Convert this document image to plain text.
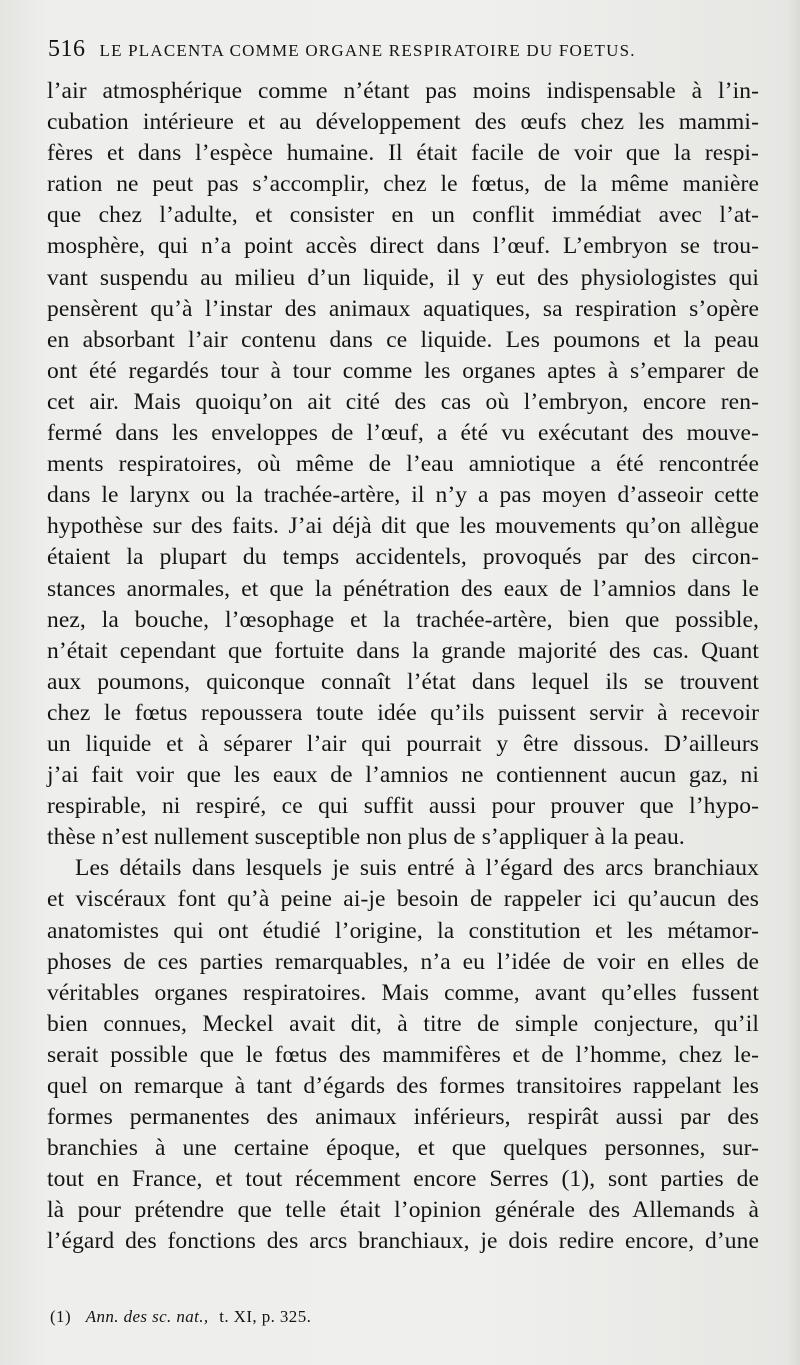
516 LE PLACENTA COMME ORGANE RESPIRATOIRE DU FOETUS.
l’air atmosphérique comme n’étant pas moins indispensable à l’in-
cubation intérieure et au développement des œufs chez les mammi-
fères et dans l’espèce humaine. Il était facile de voir que la respi-
ration ne peut pas s’accomplir, chez le fœtus, de la même manière
que chez l’adulte, et consister en un conflit immédiat avec l’at-
mosphère, qui n’a point accès direct dans l’œuf. L’embryon se trou-
vant suspendu au milieu d’un liquide, il y eut des physiologistes qui
pensèrent qu’à l’instar des animaux aquatiques, sa respiration s’opère
en absorbant l’air contenu dans ce liquide. Les poumons et la peau
ont été regardés tour à tour comme les organes aptes à s’emparer de
cet air. Mais quoiqu’on ait cité des cas où l’embryon, encore ren-
fermé dans les enveloppes de l’œuf, a été vu exécutant des mouve-
ments respiratoires, où même de l’eau amniotique a été rencontrée
dans le larynx ou la trachée-artère, il n’y a pas moyen d’asseoir cette
hypothèse sur des faits. J’ai déjà dit que les mouvements qu’on allègue
étaient la plupart du temps accidentels, provoqués par des circon-
stances anormales, et que la pénétration des eaux de l’amnios dans le
nez, la bouche, l’œsophage et la trachée-artère, bien que possible,
n’était cependant que fortuite dans la grande majorité des cas. Quant
aux poumons, quiconque connaît l’état dans lequel ils se trouvent
chez le fœtus repoussera toute idée qu’ils puissent servir à recevoir
un liquide et à séparer l’air qui pourrait y être dissous. D’ailleurs
j’ai fait voir que les eaux de l’amnios ne contiennent aucun gaz, ni
respirable, ni respiré, ce qui suffit aussi pour prouver que l’hypo-
thèse n’est nullement susceptible non plus de s’appliquer à la peau.
Les détails dans lesquels je suis entré à l’égard des arcs branchiaux
et viscéraux font qu’à peine ai-je besoin de rappeler ici qu’aucun des
anatomistes qui ont étudié l’origine, la constitution et les métamor-
phoses de ces parties remarquables, n’a eu l’idée de voir en elles de
véritables organes respiratoires. Mais comme, avant qu’elles fussent
bien connues, Meckel avait dit, à titre de simple conjecture, qu’il
serait possible que le fœtus des mammifères et de l’homme, chez le-
quel on remarque à tant d’égards des formes transitoires rappelant les
formes permanentes des animaux inférieurs, respirât aussi par des
branchies à une certaine époque, et que quelques personnes, sur-
tout en France, et tout récemment encore Serres (1), sont parties de
là pour prétendre que telle était l’opinion générale des Allemands à
l’égard des fonctions des arcs branchiaux, je dois redire encore, d’une
(1) Ann. des sc. nat., t. XI, p. 325.
